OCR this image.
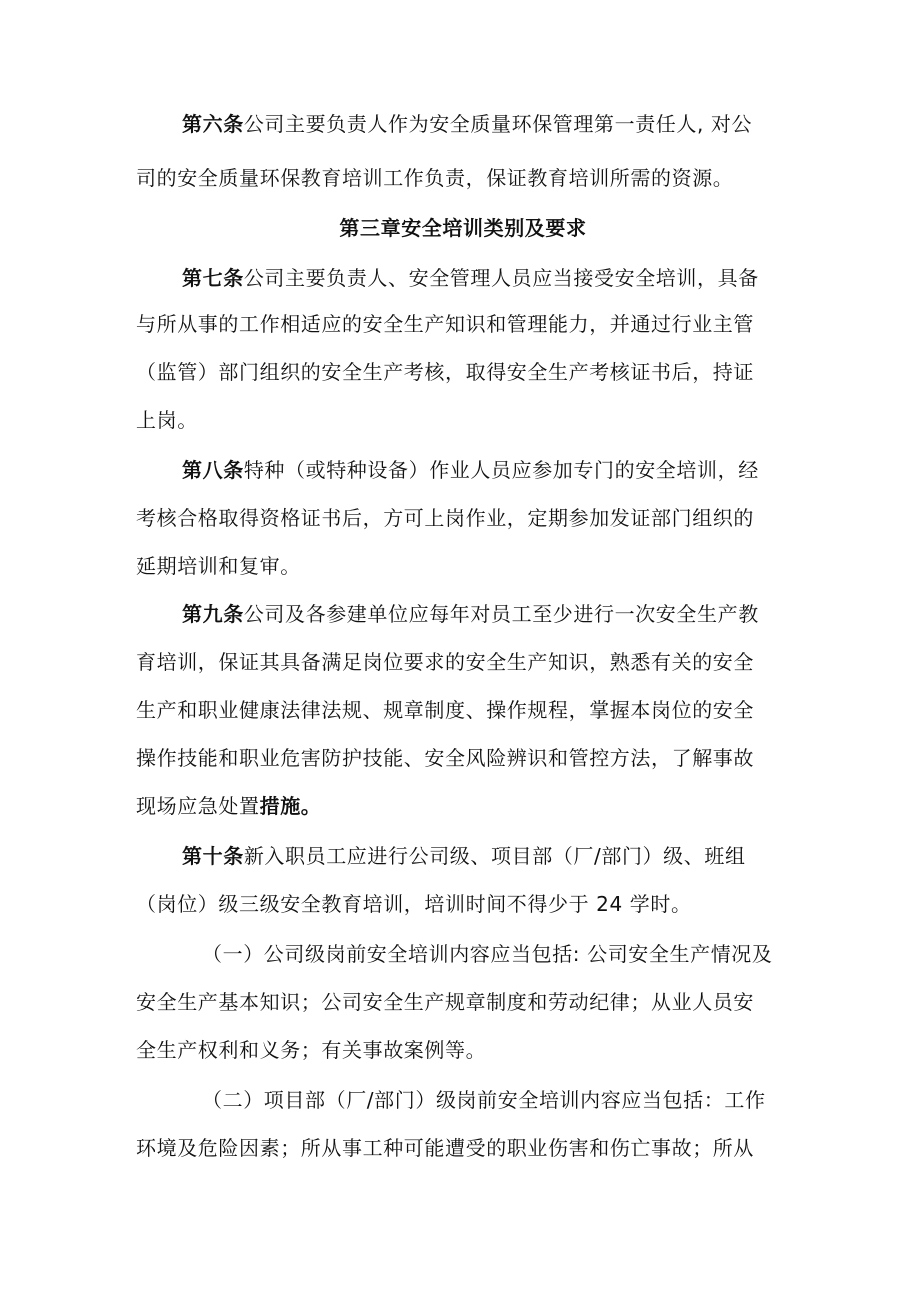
第六条公司主要负责人作为安全质量环保管理第一责任人, 对公
司的安全质量环保教育培训工作负责，保证教育培训所需的资源。
第三章安全培训类别及要求
第七条公司主要负责人、安全管理人员应当接受安全培训，具备
与所从事的工作相适应的安全生产知识和管理能力，并通过行业主管
（监管）部门组织的安全生产考核，取得安全生产考核证书后，持证
上岗。
第八条特种（或特种设备）作业人员应参加专门的安全培训，经
考核合格取得资格证书后，方可上岗作业，定期参加发证部门组织的
延期培训和复审。
第九条公司及各参建单位应每年对员工至少进行一次安全生产教
育培训，保证其具备满足岗位要求的安全生产知识，熟悉有关的安全
生产和职业健康法律法规、规章制度、操作规程，掌握本岗位的安全
操作技能和职业危害防护技能、安全风险辨识和管控方法，了解事故
现场应急处置措施。
第十条新入职员工应进行公司级、项目部（厂/部门）级、班组
（岗位）级三级安全教育培训，培训时间不得少于 24 学时。
（一）公司级岗前安全培训内容应当包括: 公司安全生产情况及
安全生产基本知识；公司安全生产规章制度和劳动纪律；从业人员安
全生产权利和义务；有关事故案例等。
（二）项目部（厂/部门）级岗前安全培训内容应当包括：工作
环境及危险因素；所从事工种可能遭受的职业伤害和伤亡事故；所从
